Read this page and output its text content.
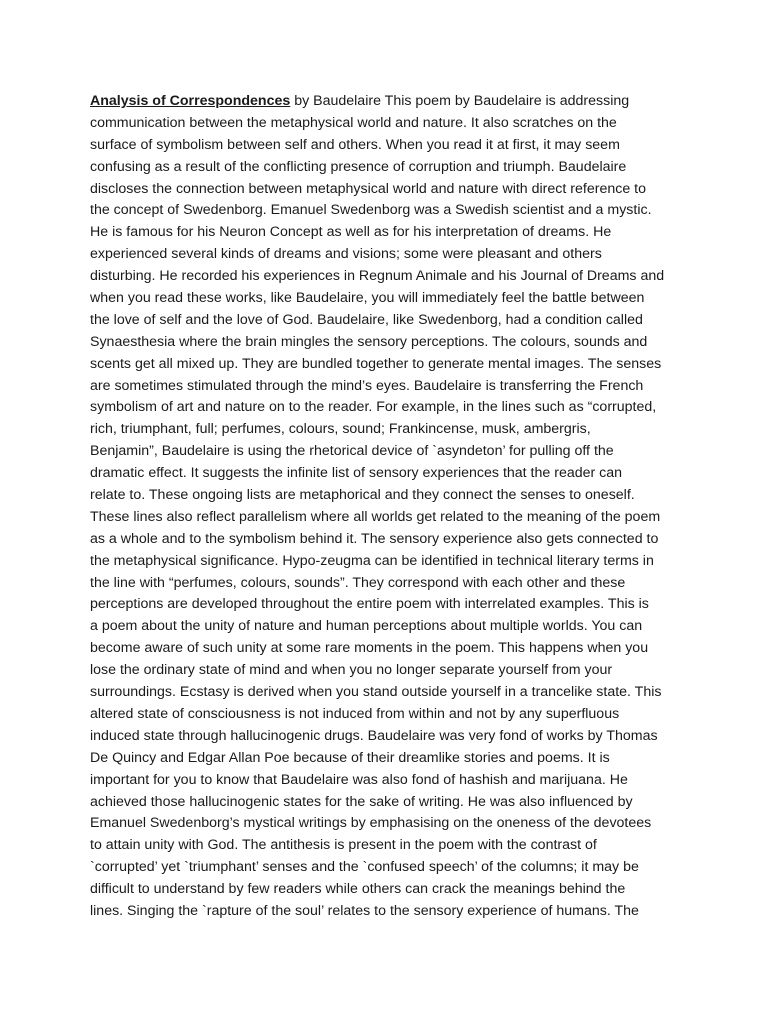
Analysis of Correspondences by Baudelaire This poem by Baudelaire is addressing
communication between the metaphysical world and nature. It also scratches on the
surface of symbolism between self and others. When you read it at first, it may seem
confusing as a result of the conflicting presence of corruption and triumph. Baudelaire
discloses the connection between metaphysical world and nature with direct reference to
the concept of Swedenborg. Emanuel Swedenborg was a Swedish scientist and a mystic.
He is famous for his Neuron Concept as well as for his interpretation of dreams. He
experienced several kinds of dreams and visions; some were pleasant and others
disturbing. He recorded his experiences in Regnum Animale and his Journal of Dreams and
when you read these works, like Baudelaire, you will immediately feel the battle between
the love of self and the love of God. Baudelaire, like Swedenborg, had a condition called
Synaesthesia where the brain mingles the sensory perceptions. The colours, sounds and
scents get all mixed up. They are bundled together to generate mental images. The senses
are sometimes stimulated through the mind’s eyes. Baudelaire is transferring the French
symbolism of art and nature on to the reader. For example, in the lines such as “corrupted,
rich, triumphant, full; perfumes, colours, sound; Frankincense, musk, ambergris,
Benjamin”, Baudelaire is using the rhetorical device of `asyndeton’ for pulling off the
dramatic effect. It suggests the infinite list of sensory experiences that the reader can
relate to. These ongoing lists are metaphorical and they connect the senses to oneself.
These lines also reflect parallelism where all worlds get related to the meaning of the poem
as a whole and to the symbolism behind it. The sensory experience also gets connected to
the metaphysical significance. Hypo-zeugma can be identified in technical literary terms in
the line with “perfumes, colours, sounds”. They correspond with each other and these
perceptions are developed throughout the entire poem with interrelated examples. This is
a poem about the unity of nature and human perceptions about multiple worlds. You can
become aware of such unity at some rare moments in the poem. This happens when you
lose the ordinary state of mind and when you no longer separate yourself from your
surroundings. Ecstasy is derived when you stand outside yourself in a trancelike state. This
altered state of consciousness is not induced from within and not by any superfluous
induced state through hallucinogenic drugs. Baudelaire was very fond of works by Thomas
De Quincy and Edgar Allan Poe because of their dreamlike stories and poems. It is
important for you to know that Baudelaire was also fond of hashish and marijuana. He
achieved those hallucinogenic states for the sake of writing. He was also influenced by
Emanuel Swedenborg’s mystical writings by emphasising on the oneness of the devotees
to attain unity with God. The antithesis is present in the poem with the contrast of
`corrupted’ yet `triumphant’ senses and the `confused speech’ of the columns; it may be
difficult to understand by few readers while others can crack the meanings behind the
lines. Singing the `rapture of the soul’ relates to the sensory experience of humans. The
